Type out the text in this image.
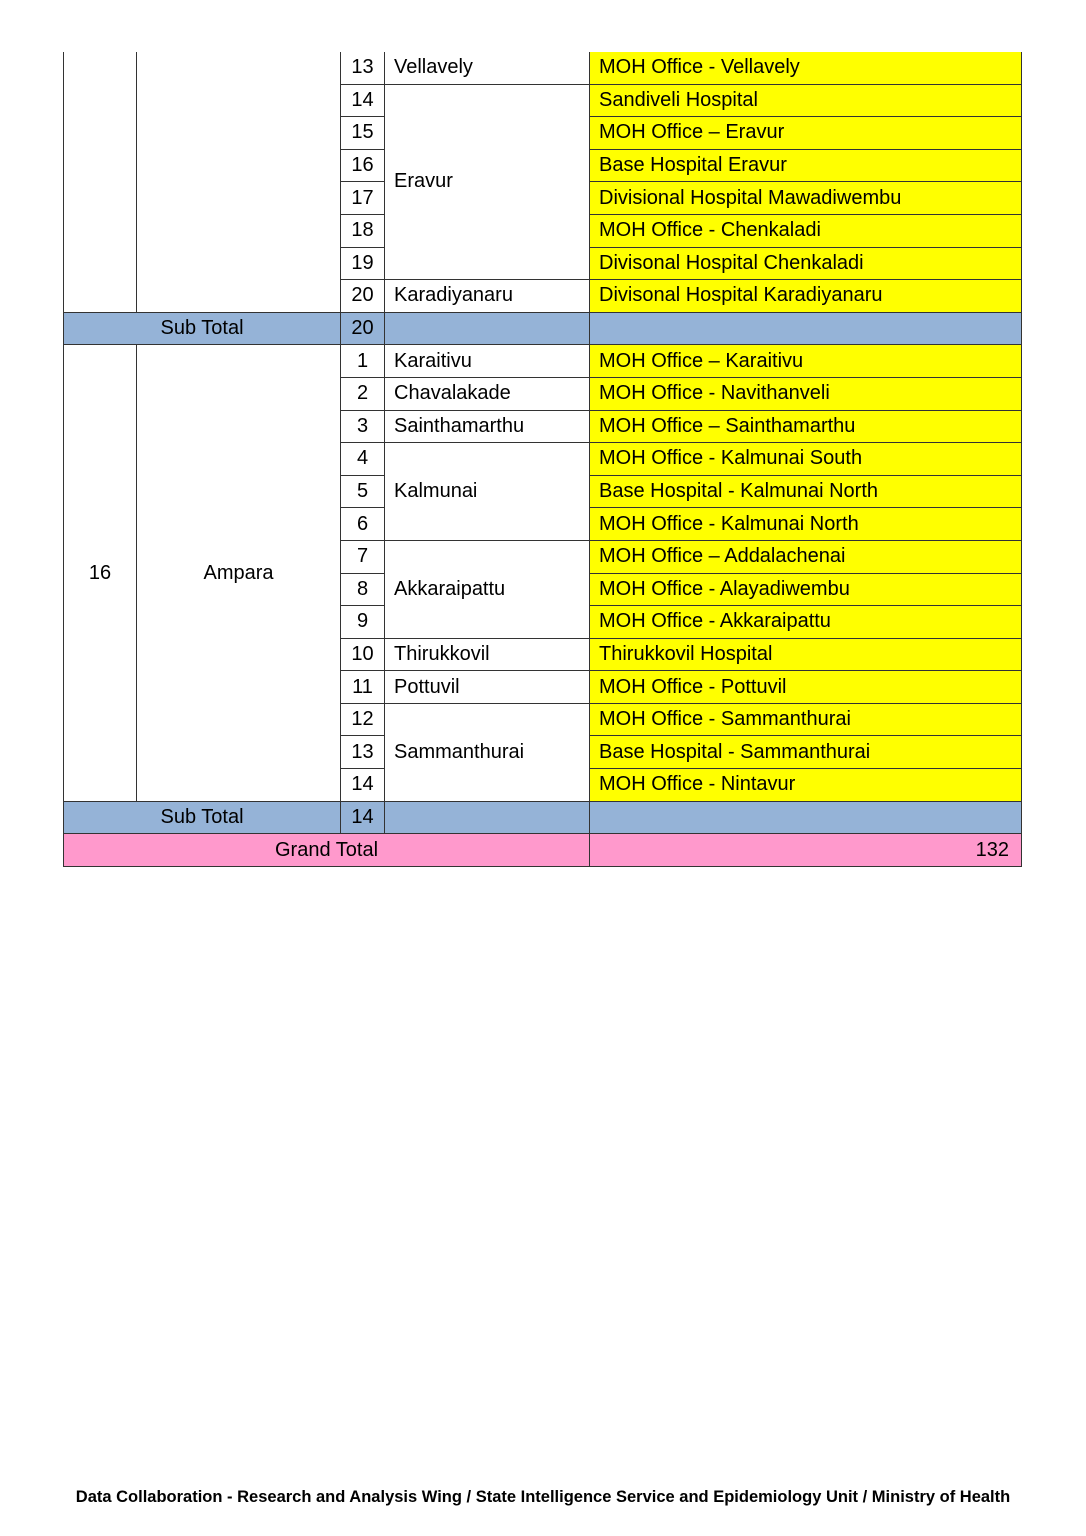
		13	Vellavely	MOH Office - Vellavely
		14	Eravur	Sandiveli Hospital
		15		MOH Office – Eravur
		16		Base Hospital Eravur
		17		Divisional Hospital Mawadiwembu
		18		MOH Office - Chenkaladi
		19		Divisonal Hospital Chenkaladi
		20	Karadiyanaru	Divisonal Hospital Karadiyanaru
Sub Total		20		
16	Ampara	1	Karaitivu	MOH Office – Karaitivu
		2	Chavalakade	MOH Office - Navithanveli
		3	Sainthamarthu	MOH Office – Sainthamarthu
		4	Kalmunai	MOH Office - Kalmunai South
		5		Base Hospital - Kalmunai North
		6		MOH Office - Kalmunai North
		7	Akkaraipattu	MOH Office – Addalachenai
		8		MOH Office - Alayadiwembu
		9		MOH Office - Akkaraipattu
		10	Thirukkovil	Thirukkovil Hospital
		11	Pottuvil	MOH Office - Pottuvil
		12	Sammanthurai	MOH Office - Sammanthurai
		13		Base Hospital - Sammanthurai
		14		MOH Office - Nintavur
Sub Total		14		
Grand Total				132
Data Collaboration - Research and Analysis Wing / State Intelligence Service and Epidemiology Unit / Ministry of Health
